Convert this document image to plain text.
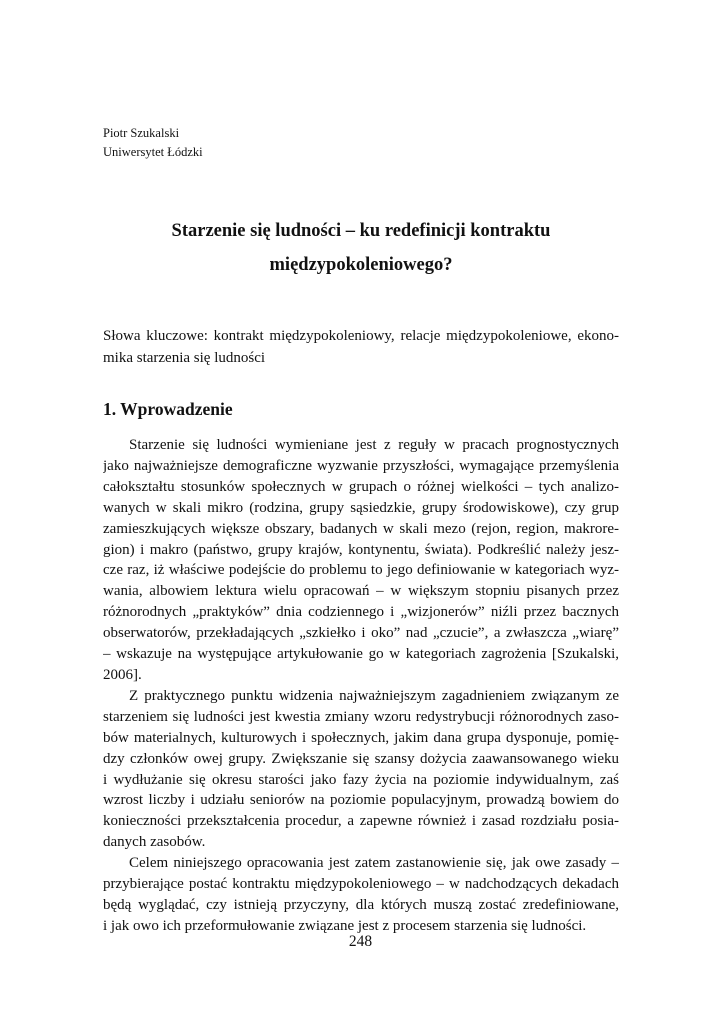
Piotr Szukalski
Uniwersytet Łódzki
Starzenie się ludności – ku redefinicji kontraktu
międzypokoleniowego?
Słowa kluczowe: kontrakt międzypokoleniowy, relacje międzypokoleniowe, ekono-
mika starzenia się ludności
1. Wprowadzenie
Starzenie się ludności wymieniane jest z reguły w pracach prognostycznych
jako najważniejsze demograficzne wyzwanie przyszłości, wymagające przemyślenia
całokształtu stosunków społecznych w grupach o różnej wielkości – tych analizo-
wanych w skali mikro (rodzina, grupy sąsiedzkie, grupy środowiskowe), czy grup
zamieszkujących większe obszary, badanych w skali mezo (rejon, region, makrore-
gion) i makro (państwo, grupy krajów, kontynentu, świata). Podkreślić należy jesz-
cze raz, iż właściwe podejście do problemu to jego definiowanie w kategoriach wyz-
wania, albowiem lektura wielu opracowań – w większym stopniu pisanych przez
różnorodnych „praktyków” dnia codziennego i „wizjonerów” niźli przez bacznych
obserwatorów, przekładających „szkiełko i oko” nad „czucie”, a zwłaszcza „wiarę”
– wskazuje na występujące artykułowanie go w kategoriach zagrożenia [Szukalski,
2006].
Z praktycznego punktu widzenia najważniejszym zagadnieniem związanym ze
starzeniem się ludności jest kwestia zmiany wzoru redystrybucji różnorodnych zaso-
bów materialnych, kulturowych i społecznych, jakim dana grupa dysponuje, pomię-
dzy członków owej grupy. Zwiększanie się szansy dożycia zaawansowanego wieku
i wydłużanie się okresu starości jako fazy życia na poziomie indywidualnym, zaś
wzrost liczby i udziału seniorów na poziomie populacyjnym, prowadzą bowiem do
konieczności przekształcenia procedur, a zapewne również i zasad rozdziału posia-
danych zasobów.
Celem niniejszego opracowania jest zatem zastanowienie się, jak owe zasady –
przybierające postać kontraktu międzypokoleniowego – w nadchodzących dekadach
będą wyglądać, czy istnieją przyczyny, dla których muszą zostać zredefiniowane,
i jak owo ich przeformułowanie związane jest z procesem starzenia się ludności.
248
